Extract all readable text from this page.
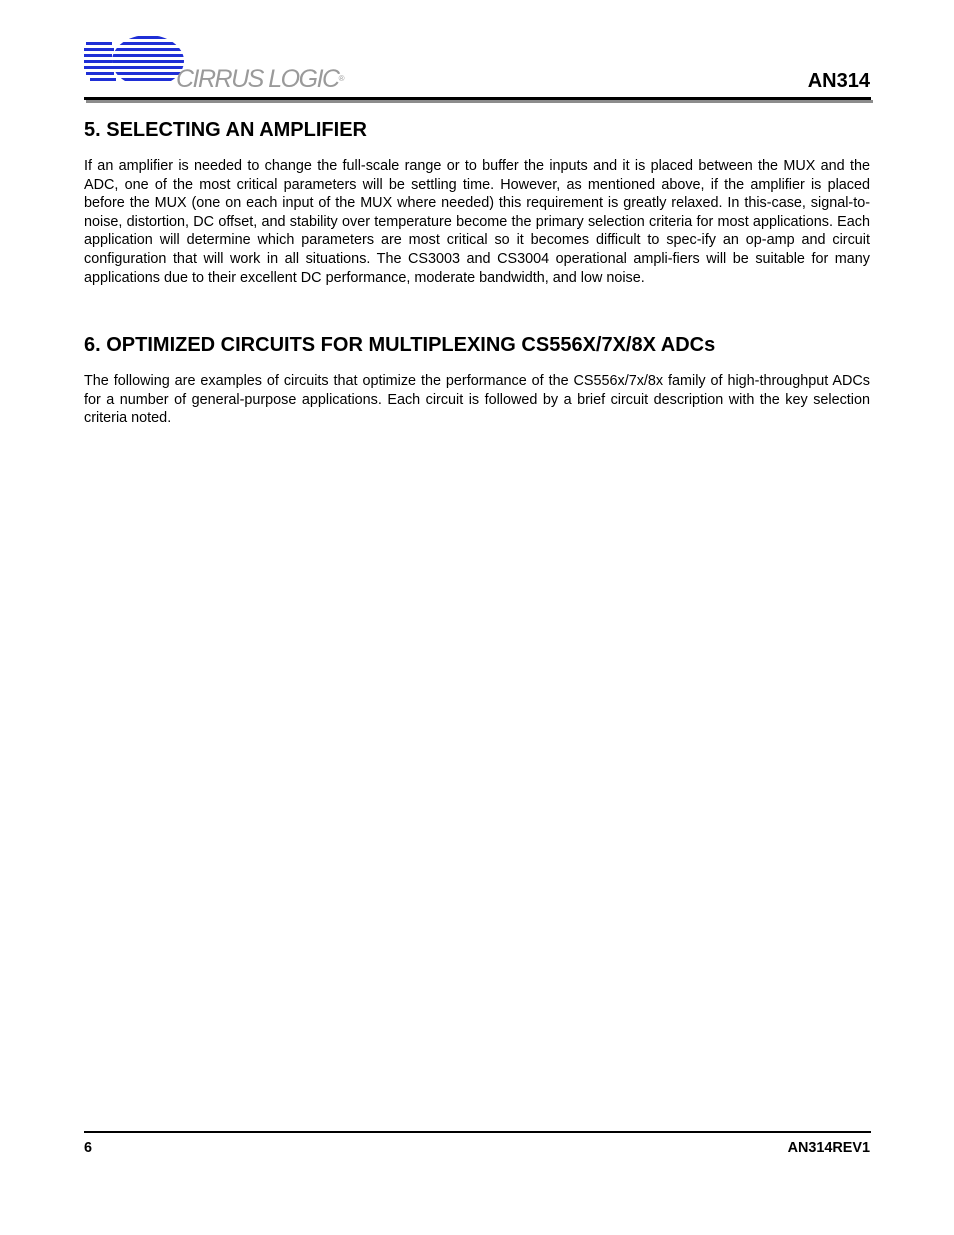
CIRRUS LOGIC®	AN314
5. SELECTING AN AMPLIFIER

If an amplifier is needed to change the full-scale range or to buffer the inputs and it is placed between the MUX and the ADC, one of the most critical parameters will be settling time. However, as mentioned above, if the amplifier is placed before the MUX (one on each input of the MUX where needed) this requirement is greatly relaxed. In this-case, signal-to-noise, distortion, DC offset, and stability over temperature become the primary selection criteria for most applications. Each application will determine which parameters are most critical so it becomes difficult to spec-ify an op-amp and circuit configuration that will work in all situations. The CS3003 and CS3004 operational ampli-fiers will be suitable for many applications due to their excellent DC performance, moderate bandwidth, and low noise.

6. OPTIMIZED CIRCUITS FOR MULTIPLEXING CS556X/7X/8X ADCs

The following are examples of circuits that optimize the performance of the CS556x/7x/8x family of high-throughput ADCs for a number of general-purpose applications. Each circuit is followed by a brief circuit description with the key selection criteria noted.

6	AN314REV1
